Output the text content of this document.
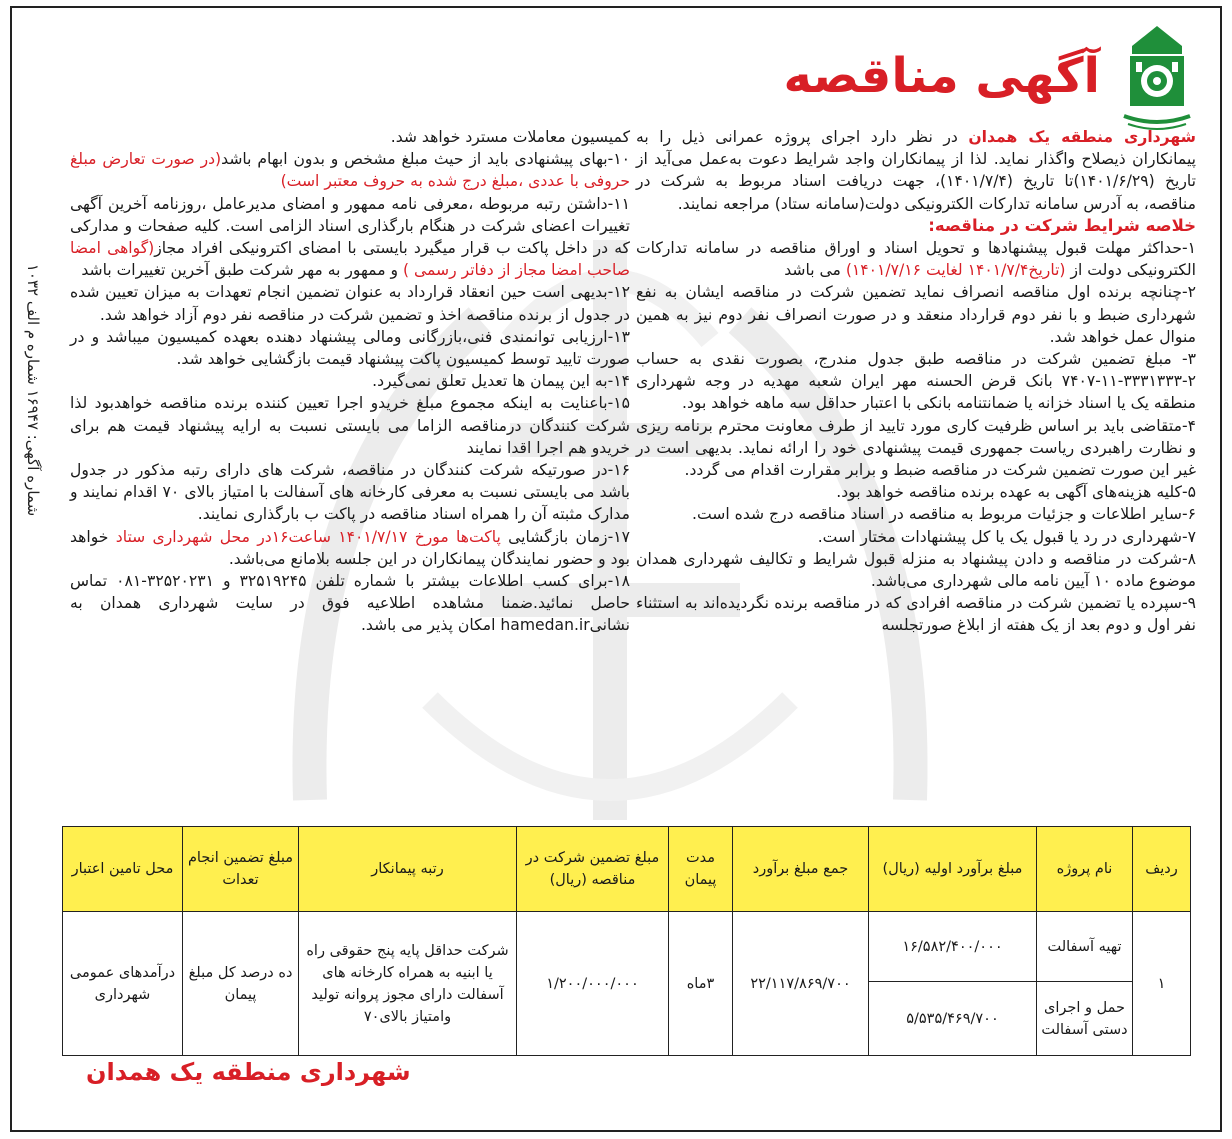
آگهی مناقصه
شماره آگهی: ۱۶۹۴۷ شماره م الف ۱۰۳۲

شهرداری منطقه یک همدان در نظر دارد اجرای پروژه عمرانی ذیل را به پیمانکاران ذیصلاح واگذار نماید. لذا از پیمانکاران واجد شرایط دعوت به‌عمل می‌آید از تاریخ (۱۴۰۱/۶/۲۹)تا تاریخ (۱۴۰۱/۷/۴)، جهت دریافت اسناد مربوط به شرکت در مناقصه، به آدرس سامانه تدارکات الکترونیکی دولت(سامانه ستاد) مراجعه نمایند.

خلاصه شرایط شرکت در مناقصه:

۱-حداکثر مهلت قبول پیشنهادها و تحویل اسناد و اوراق مناقصه در سامانه تدارکات الکترونیکی دولت از (تاریخ۱۴۰۱/۷/۴ لغایت ۱۴۰۱/۷/۱۶) می باشد

۲-چنانچه برنده اول مناقصه انصراف نماید تضمین شرکت در مناقصه ایشان به نفع شهرداری ضبط و با نفر دوم قرارداد منعقد و در صورت انصراف نفر دوم نیز به همین منوال عمل خواهد شد.

۳- مبلغ تضمین شرکت در مناقصه طبق جدول مندرج، بصورت نقدی به حساب ۲-۳۳۳۱۳۳۳-۱۱-۷۴۰۷ بانک قرض الحسنه مهر ایران شعبه مهدیه در وجه شهرداری منطقه یک یا اسناد خزانه یا ضمانتنامه بانکی با اعتبار حداقل سه ماهه خواهد بود.

۴-متقاضی باید بر اساس ظرفیت کاری مورد تایید از طرف معاونت محترم برنامه ریزی و نظارت راهبردی ریاست جمهوری قیمت پیشنهادی خود را ارائه نماید. بدیهی است در غیر این صورت تضمین شرکت در مناقصه ضبط و برابر مقرارت اقدام می گردد.

۵-کلیه هزینه‌های آگهی به عهده برنده مناقصه خواهد بود.

۶-سایر اطلاعات و جزئیات مربوط به مناقصه در اسناد مناقصه درج شده است.

۷-شهرداری در رد یا قبول یک یا کل پیشنهادات مختار است.

۸-شرکت در مناقصه و دادن پیشنهاد به منزله قبول شرایط و تکالیف شهرداری همدان موضوع ماده ۱۰ آیین نامه مالی شهرداری می‌باشد.

۹-سپرده یا تضمین شرکت در مناقصه افرادی که در مناقصه برنده نگردیده‌اند به استثناء نفر اول و دوم بعد از یک هفته از ابلاغ صورتجلسه

کمیسیون معاملات مسترد خواهد شد.

۱۰-بهای پیشنهادی باید از حیث مبلغ مشخص و بدون ابهام باشد(در صورت تعارض مبلغ حروفی با عددی ،مبلغ درج شده به حروف معتبر است)

۱۱-داشتن رتبه مربوطه ،معرفی نامه ممهور و امضای مدیرعامل ،روزنامه آخرین آگهی تغییرات اعضای شرکت در هنگام بارگذاری اسناد الزامی است. کلیه صفحات و مدارکی که در داخل پاکت ب قرار میگیرد بایستی با امضای اکترونیکی افراد مجاز(گواهی امضا صاحب امضا مجاز از دفاتر رسمی ) و ممهور به مهر شرکت طبق آخرین تغییرات باشد

۱۲-بدیهی است حین انعقاد قرارداد به عنوان تضمین انجام تعهدات به میزان تعیین شده در جدول از برنده مناقصه اخذ و تضمین شرکت در مناقصه نفر دوم آزاد خواهد شد.

۱۳-ارزیابی توانمندی فنی،بازرگانی ومالی پیشنهاد دهنده بعهده کمیسیون میباشد و در صورت تایید توسط کمیسیون پاکت پیشنهاد قیمت بازگشایی خواهد شد.

۱۴-به این پیمان ها تعدیل تعلق نمی‌گیرد.

۱۵-باعنایت به اینکه مجموع مبلغ خریدو اجرا تعیین کننده برنده مناقصه خواهدبود لذا شرکت کنندگان درمناقصه الزاما می بایستی نسبت به ارایه پیشنهاد قیمت هم برای خریدو هم اجرا اقدا نمایند

۱۶-در صورتیکه شرکت کنندگان در مناقصه، شرکت های دارای رتبه مذکور در جدول باشد می بایستی نسبت به معرفی کارخانه های آسفالت با امتیاز بالای ۷۰ اقدام نمایند و مدارک مثبته آن را همراه اسناد مناقصه در پاکت ب بارگذاری نمایند.

۱۷-زمان بازگشایی پاکت‌ها مورخ ۱۴۰۱/۷/۱۷ ساعت۱۶در محل شهرداری ستاد خواهد بود و حضور نمایندگان پیمانکاران در این جلسه بلامانع می‌باشد.

۱۸-برای کسب اطلاعات بیشتر با شماره تلفن ۳۲۵۱۹۲۴۵ و ۳۲۵۲۰۲۳۱-۰۸۱ تماس حاصل نمائید.ضمنا مشاهده اطلاعیه فوق در سایت شهرداری همدان به نشانیhamedan.ir امکان پذیر می باشد.

ردیف	نام پروژه	مبلغ برآورد اولیه (ریال)	جمع مبلغ برآورد	مدت پیمان	مبلغ تضمین شرکت در مناقصه (ریال)	رتبه پیمانکار	مبلغ تضمین انجام تعدات	محل تامین اعتبار
۱	تهیه آسفالت	۱۶/۵۸۲/۴۰۰/۰۰۰	۲۲/۱۱۷/۸۶۹/۷۰۰	۳ماه	۱/۲۰۰/۰۰۰/۰۰۰	شرکت حداقل پایه پنج حقوقی راه یا ابنیه به همراه کارخانه های آسفالت دارای مجوز پروانه تولید وامتیاز بالای۷۰	ده درصد کل مبلغ پیمان	درآمدهای عمومی شهرداری
	حمل و اجرای دستی آسفالت	۵/۵۳۵/۴۶۹/۷۰۰						
شهرداری منطقه یک همدان
